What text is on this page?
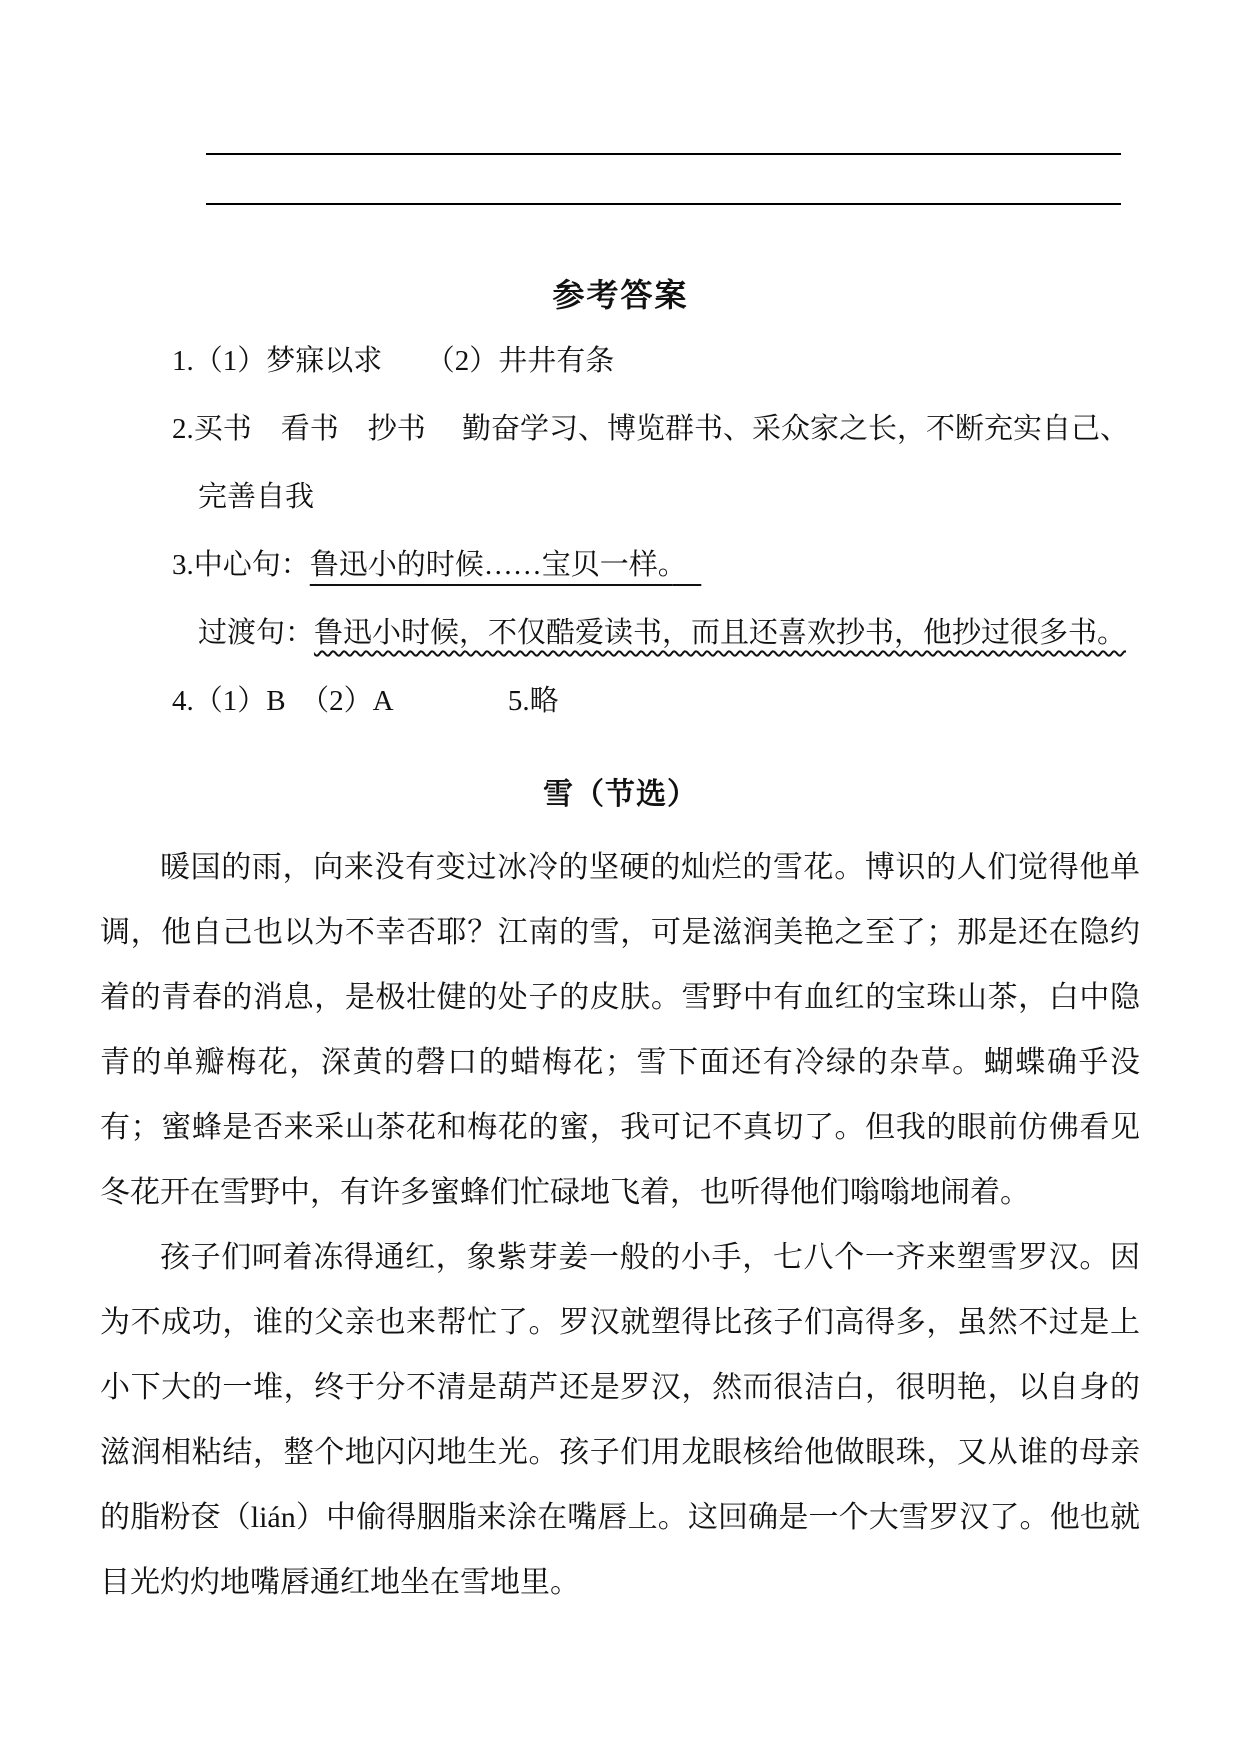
参考答案
1.（1）梦寐以求　　（2）井井有条
2.买书　看书　抄书　 勤奋学习、博览群书、采众家之长，不断充实自己、
完善自我
3.中心句：鲁迅小的时候……宝贝一样。
过渡句：鲁迅小时候，不仅酷爱读书，而且还喜欢抄书，他抄过很多书。
4.（1）B　（2）A　　　　5.略
雪（节选）

暖国的雨，向来没有变过冰冷的坚硬的灿烂的雪花。博识的人们觉得他单调，他自己也以为不幸否耶？江南的雪，可是滋润美艳之至了；那是还在隐约着的青春的消息，是极壮健的处子的皮肤。雪野中有血红的宝珠山茶，白中隐青的单瓣梅花，深黄的磬口的蜡梅花；雪下面还有冷绿的杂草。蝴蝶确乎没有；蜜蜂是否来采山茶花和梅花的蜜，我可记不真切了。但我的眼前仿佛看见冬花开在雪野中，有许多蜜蜂们忙碌地飞着，也听得他们嗡嗡地闹着。

孩子们呵着冻得通红，象紫芽姜一般的小手，七八个一齐来塑雪罗汉。因为不成功，谁的父亲也来帮忙了。罗汉就塑得比孩子们高得多，虽然不过是上小下大的一堆，终于分不清是葫芦还是罗汉，然而很洁白，很明艳，以自身的滋润相粘结，整个地闪闪地生光。孩子们用龙眼核给他做眼珠，又从谁的母亲的脂粉奁（lián）中偷得胭脂来涂在嘴唇上。这回确是一个大雪罗汉了。他也就目光灼灼地嘴唇通红地坐在雪地里。
